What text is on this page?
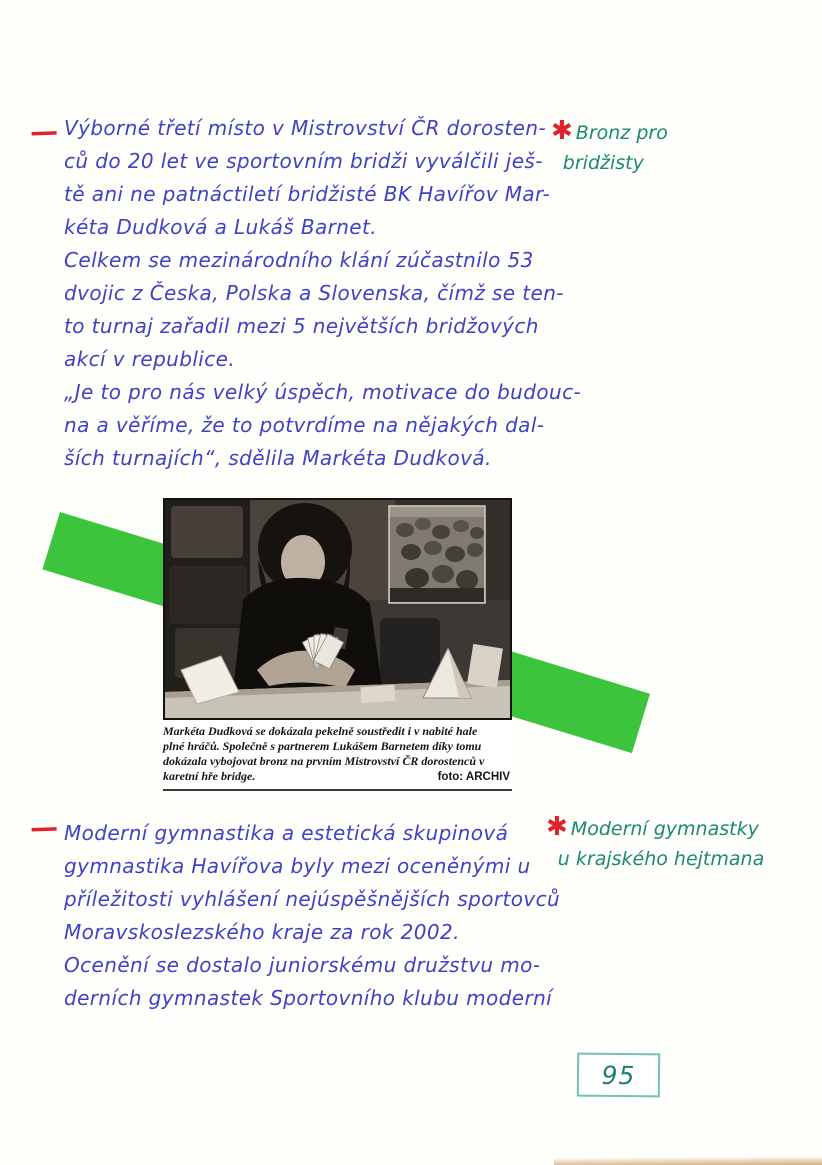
— Výborné třetí místo v Mistrovství ČR dorosten-
ců do 20 let ve sportovním bridži vyválčili ješ-
tě ani ne patnáctiletí bridžisté BK Havířov Mar-
kéta Dudková a Lukáš Barnet.
Celkem se mezinárodního klání zúčastnilo 53
dvojic z Česka, Polska a Slovenska, čímž se ten-
to turnaj zařadil mezi 5 největších bridžových
akcí v republice.
„Je to pro nás velký úspěch, motivace do budouc-
na a věříme, že to potvrdíme na nějakých dal-
ších turnajích“, sdělila Markéta Dudková.
✱ Bronz pro
bridžisty
Markéta Dudková se dokázala pekelně soustředit i v nabité hale
plné hráčů. Společně s partnerem Lukášem Barnetem díky tomu
dokázala vybojovat bronz na prvním Mistrovství ČR dorostenců v
karetní hře bridge.	foto: ARCHIV
— Moderní gymnastika a estetická skupinová
gymnastika Havířova byly mezi oceněnými u
příležitosti vyhlášení nejúspěšnějších sportovců
Moravskoslezského kraje za rok 2002.
Ocenění se dostalo juniorskému družstvu mo-
derních gymnastek Sportovního klubu moderní
✱ Moderní gymnastky
u krajského hejtmana
95
